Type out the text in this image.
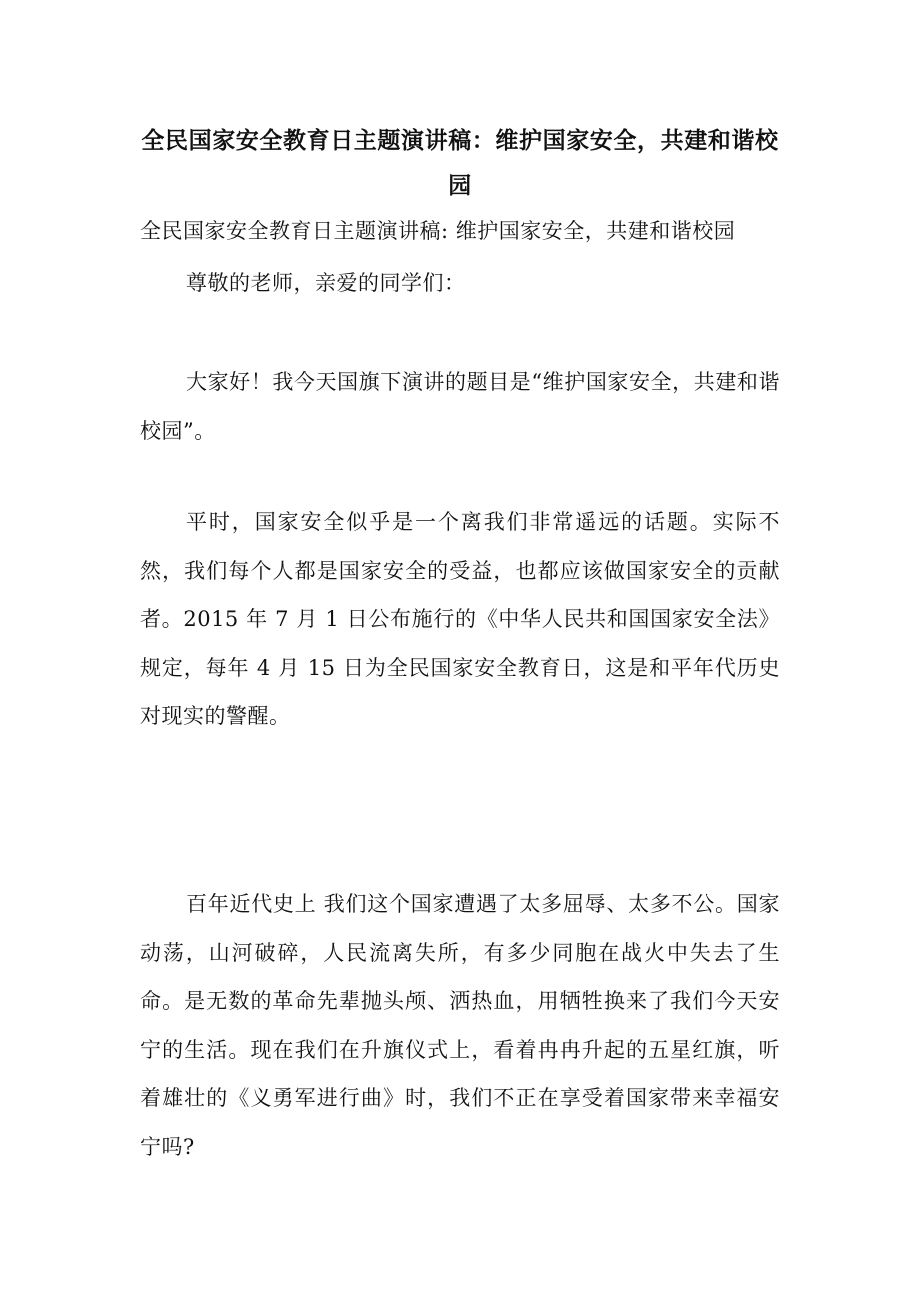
全民国家安全教育日主题演讲稿：维护国家安全，共建和谐校园

全民国家安全教育日主题演讲稿: 维护国家安全，共建和谐校园

尊敬的老师，亲爱的同学们：

大家好！我今天国旗下演讲的题目是“维护国家安全，共建和谐校园”。

平时，国家安全似乎是一个离我们非常遥远的话题。实际不然，我们每个人都是国家安全的受益，也都应该做国家安全的贡献者。2015 年 7 月 1 日公布施行的《中华人民共和国国家安全法》规定，每年 4 月 15 日为全民国家安全教育日，这是和平年代历史对现实的警醒。

百年近代史上 我们这个国家遭遇了太多屈辱、太多不公。国家动荡，山河破碎，人民流离失所，有多少同胞在战火中失去了生命。是无数的革命先辈抛头颅、洒热血，用牺牲换来了我们今天安宁的生活。现在我们在升旗仪式上，看着冉冉升起的五星红旗，听着雄壮的《义勇军进行曲》时，我们不正在享受着国家带来幸福安宁吗?
